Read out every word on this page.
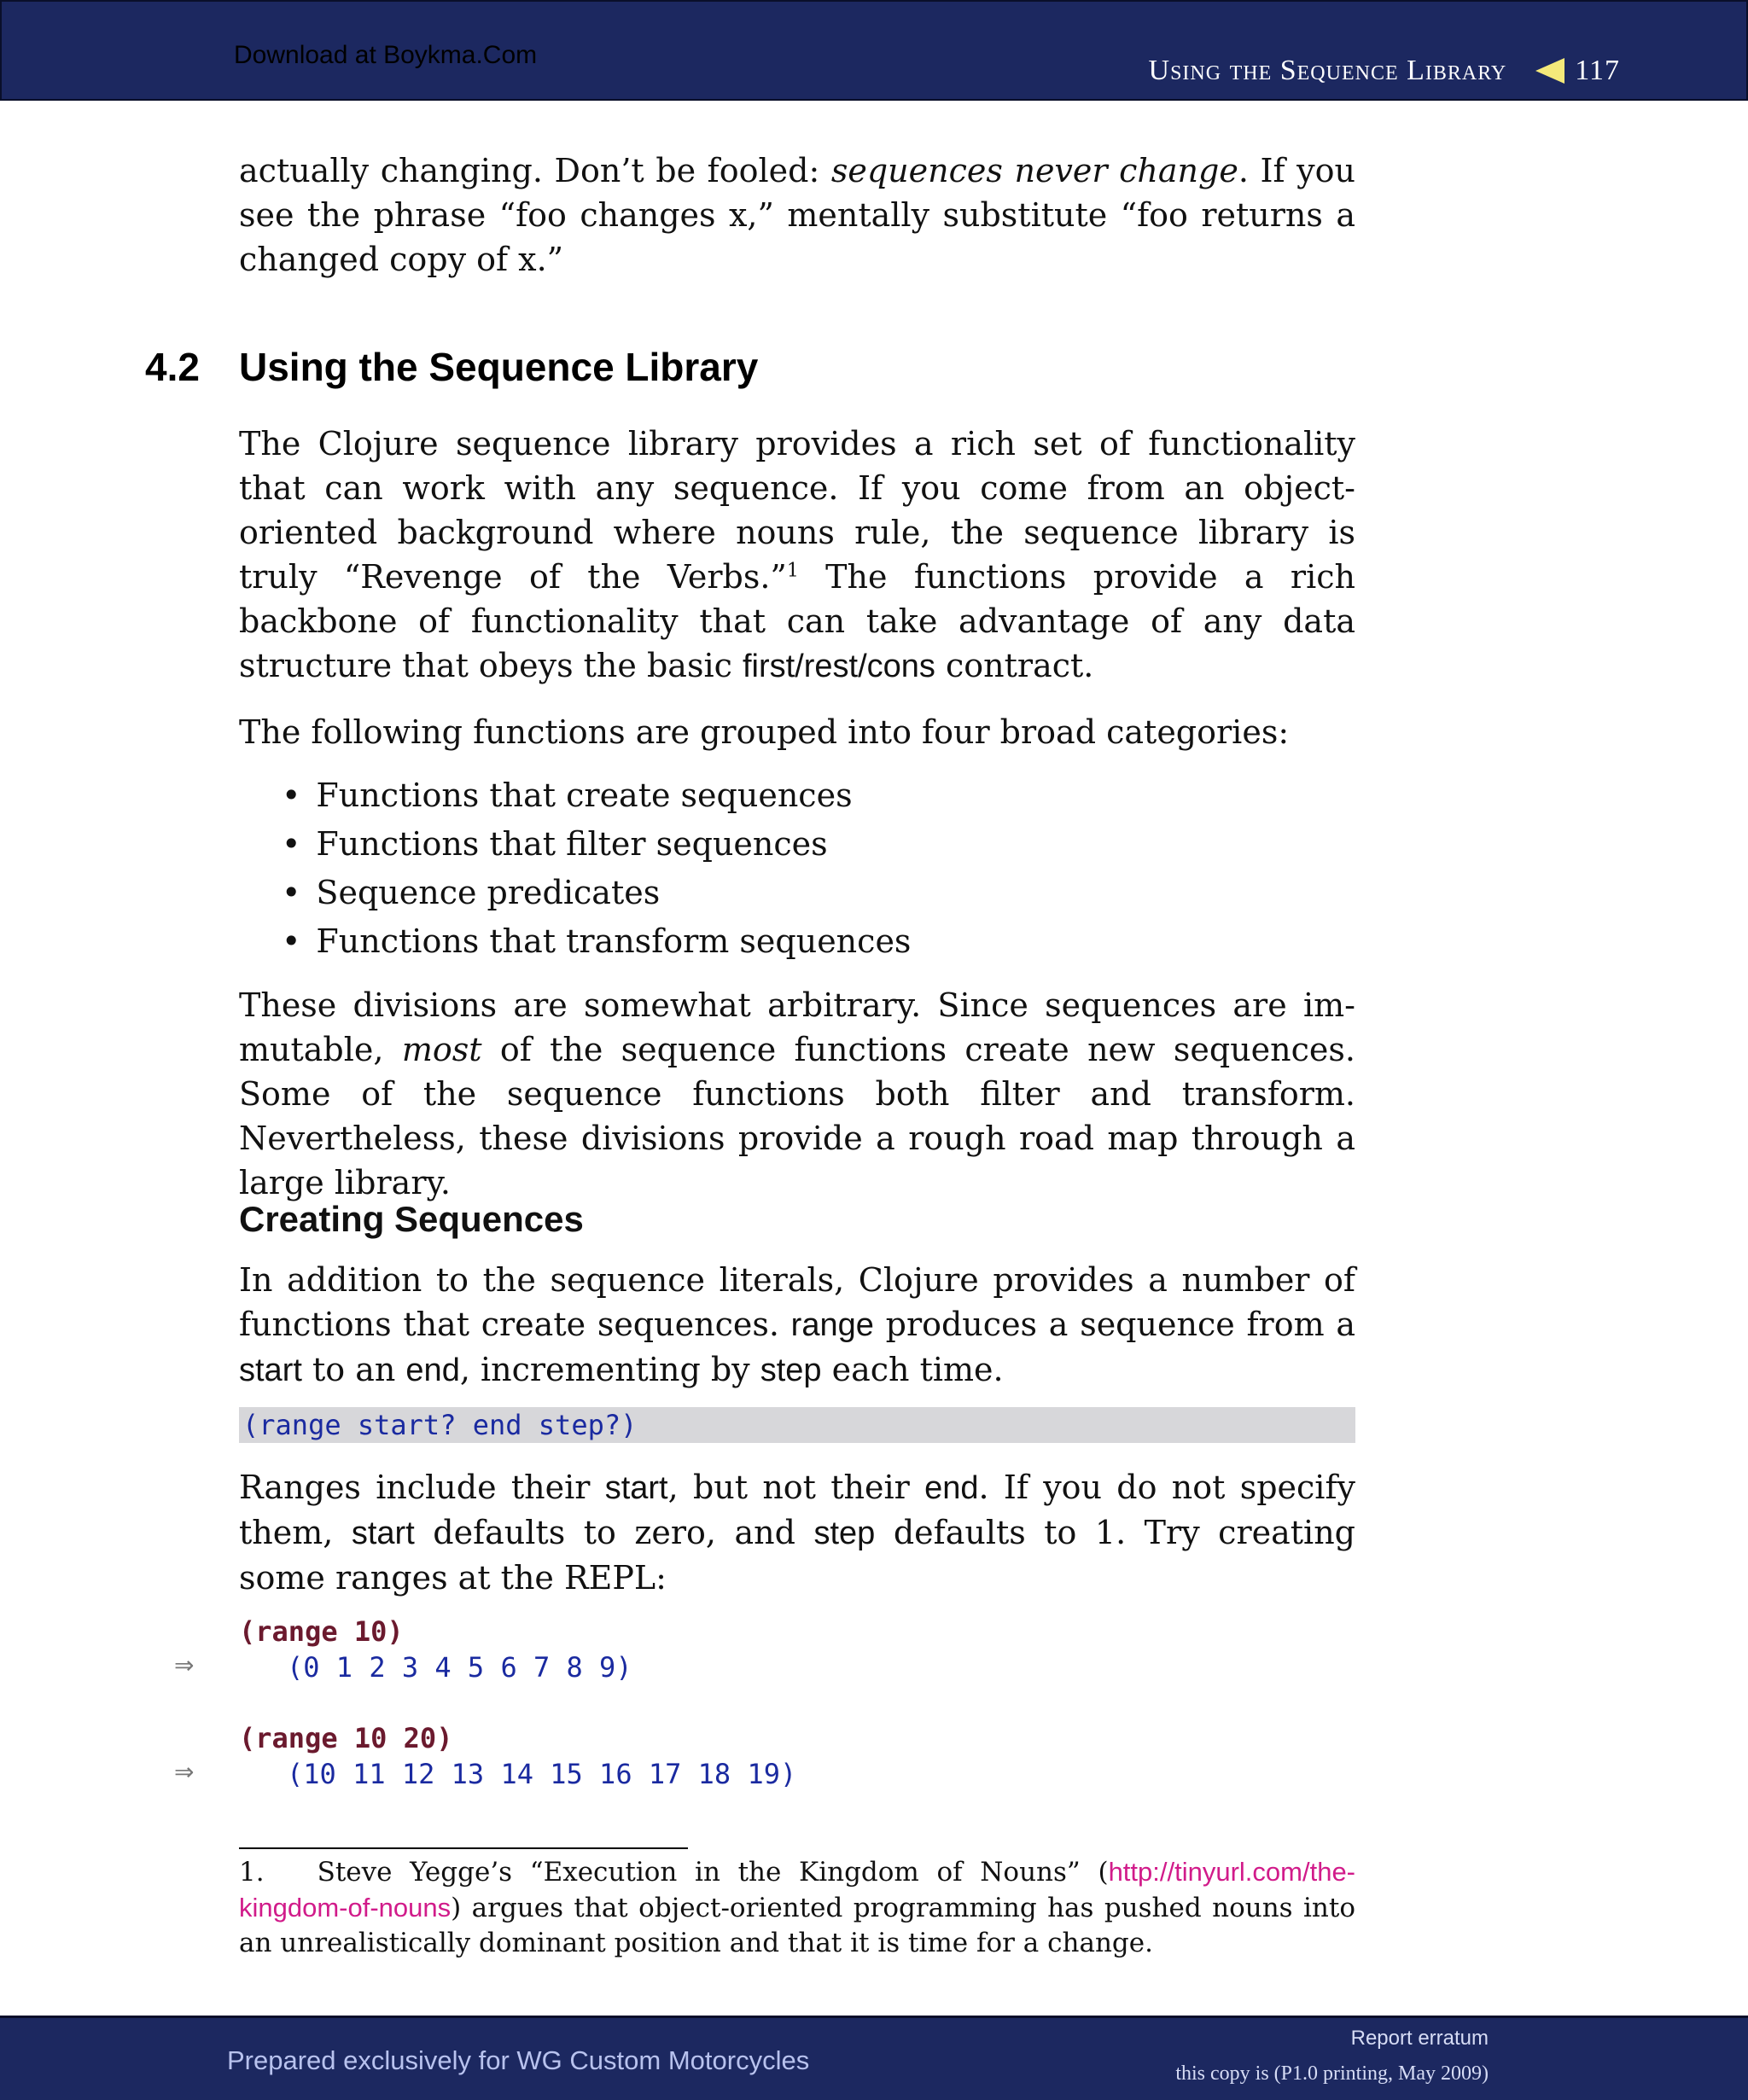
Download at Boykma.Com	Using the Sequence Library 117

actually changing. Don’t be fooled: sequences never change. If you see the phrase “foo changes x,” mentally substitute “foo returns a changed copy of x.”

4.2 Using the Sequence Library

The Clojure sequence library provides a rich set of functionality that can work with any sequence. If you come from an object-oriented background where nouns rule, the sequence library is truly “Revenge of the Verbs.”$^1$ The functions provide a rich backbone of functionality that can take advantage of any data structure that obeys the basic first/rest/cons contract.

The following functions are grouped into four broad categories:

• Functions that create sequences
• Functions that filter sequences
• Sequence predicates
• Functions that transform sequences

These divisions are somewhat arbitrary. Since sequences are immutable, most of the sequence functions create new sequences. Some of the sequence functions both filter and transform. Nevertheless, these divisions provide a rough road map through a large library.

Creating Sequences

In addition to the sequence literals, Clojure provides a number of functions that create sequences. range produces a sequence from a start to an end, incrementing by step each time.

(range start? end step?)

Ranges include their start, but not their end. If you do not specify them, start defaults to zero, and step defaults to 1. Try creating some ranges at the REPL:

(range 10)
⇒	(0 1 2 3 4 5 6 7 8 9)
(range 10 20)
⇒	(10 11 12 13 14 15 16 17 18 19)
1. Steve Yegge’s “Execution in the Kingdom of Nouns” (http://tinyurl.com/the-kingdom-of-nouns) argues that object-oriented programming has pushed nouns into an unrealistically dominant position and that it is time for a change.
Prepared exclusively for WG Custom Motorcycles
Report erratum
this copy is (P1.0 printing, May 2009)
